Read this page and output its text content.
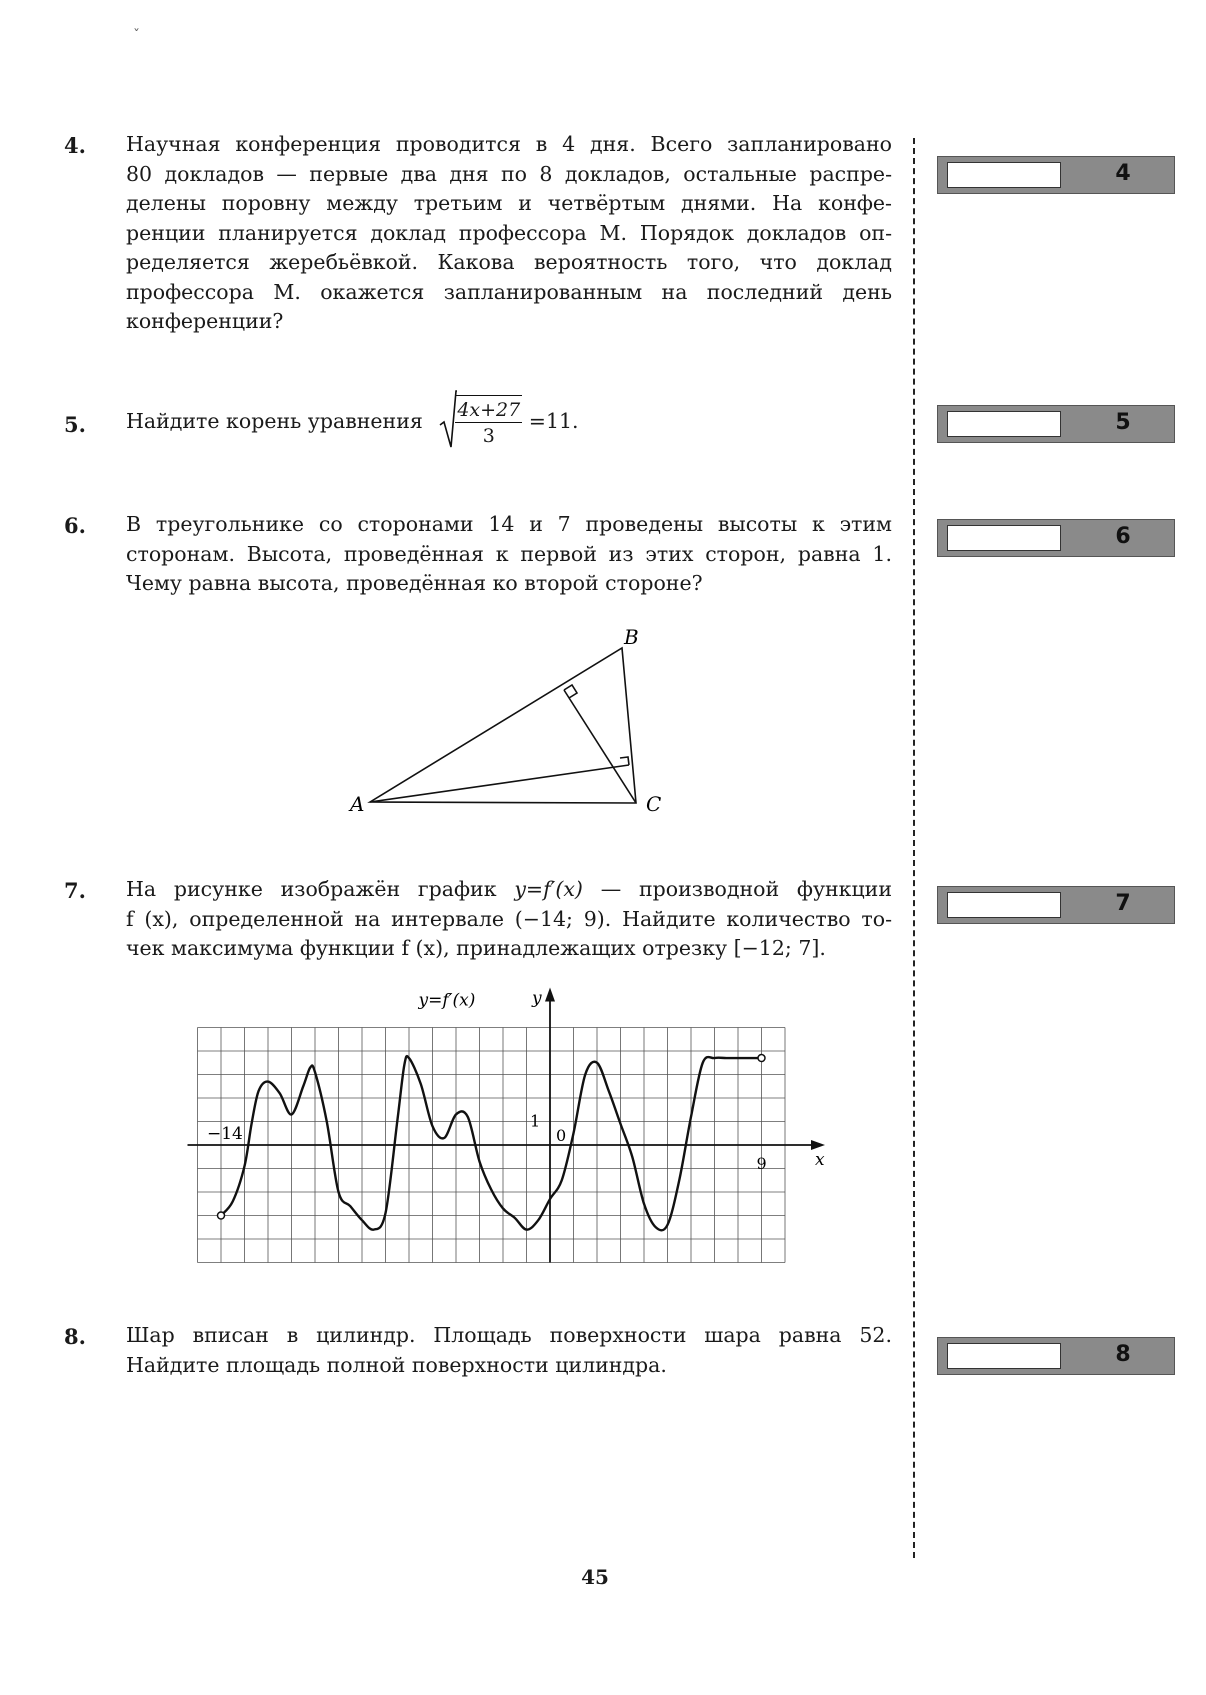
ˇ
4. Научная конференция проводится в 4 дня. Всего запланировано
80 докладов — первые два дня по 8 докладов, остальные распре-
делены поровну между третьим и четвёртым днями. На конфе-
ренции планируется доклад профессора М. Порядок докладов оп-
ределяется жеребьёвкой. Какова вероятность того, что доклад
профессора М. окажется запланированным на последний день
конференции?
5. Найдите корень уравнения 4x+27
3
=11.
6. В треугольнике со сторонами 14 и 7 проведены высоты к этим
сторонам. Высота, проведённая к первой из этих сторон, равна 1.
Чему равна высота, проведённая ко второй стороне?
A
B
C
7. На рисунке изображён график y=f′(x) — производной функции
f (x), определенной на интервале (−14; 9). Найдите количество то-
чек максимума функции f (x), принадлежащих отрезку [−12; 7].
−14
9
0
1
x
y
y=f′(x)
8. Шар вписан в цилиндр. Площадь поверхности шара равна 52.
Найдите площадь полной поверхности цилиндра.
4
5
6
7
8
45
